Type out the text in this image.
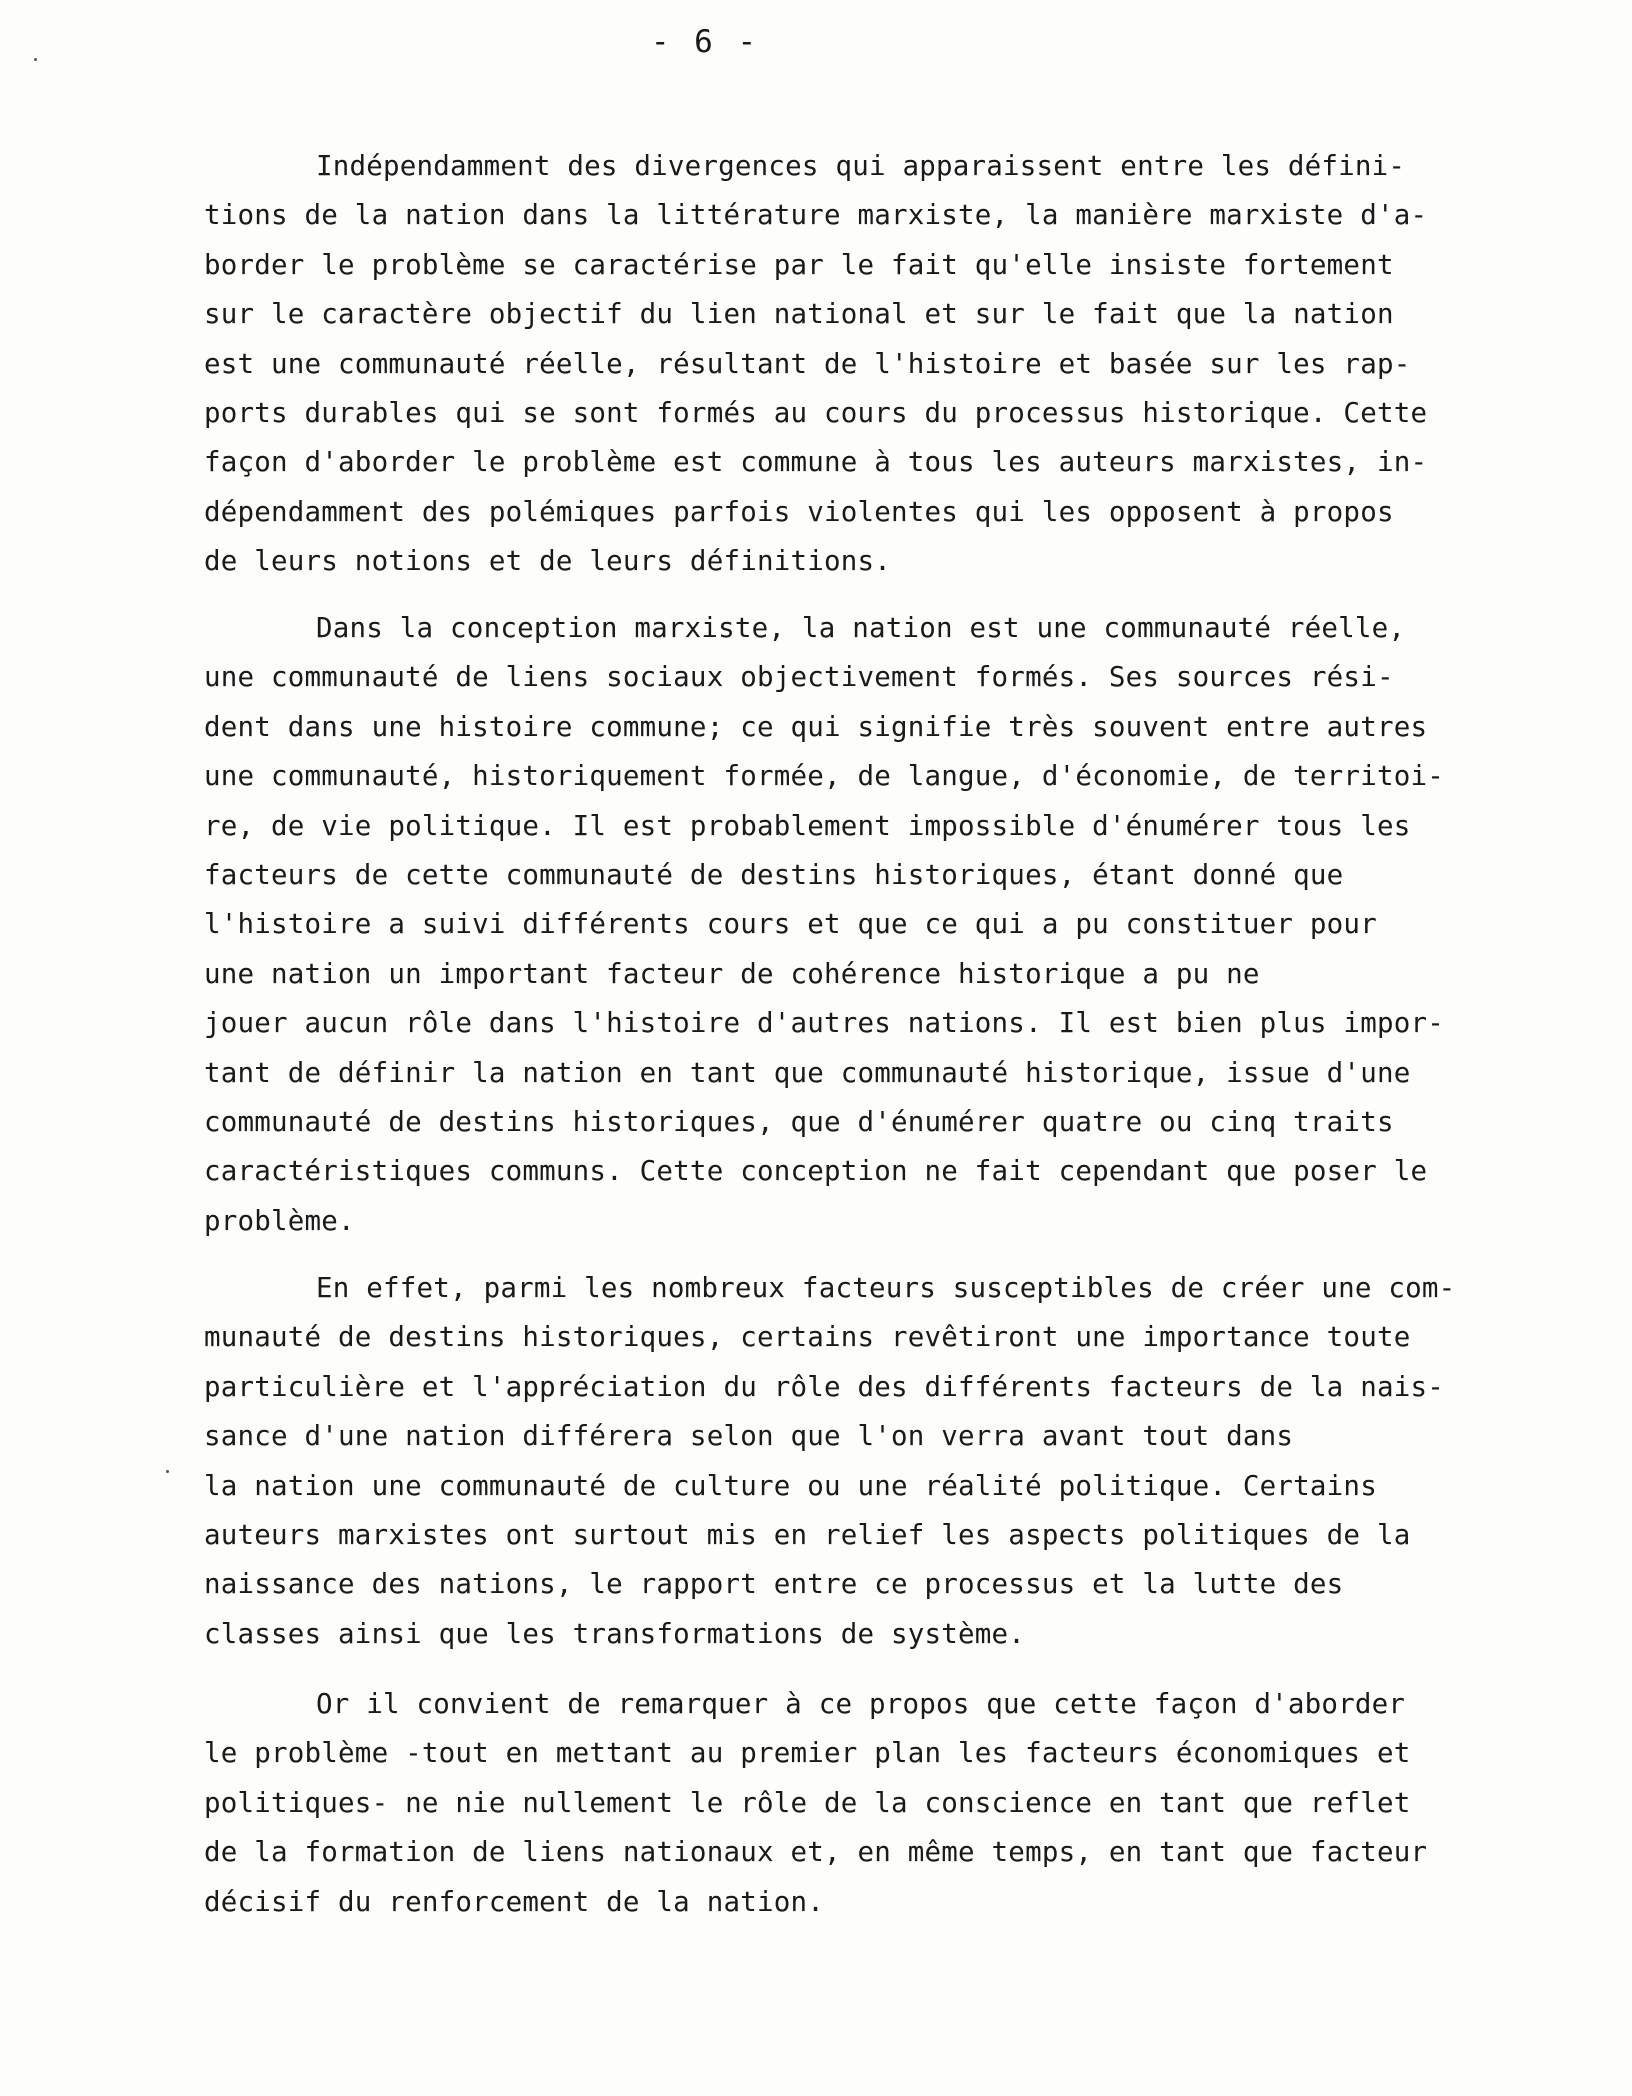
- 6 -
Indépendamment des divergences qui apparaissent entre les défini-
tions de la nation dans la littérature marxiste, la manière marxiste d'a-
border le problème se caractérise par le fait qu'elle insiste fortement
sur le caractère objectif du lien national et sur le fait que la nation
est une communauté réelle, résultant de l'histoire et basée sur les rap-
ports durables qui se sont formés au cours du processus historique. Cette
façon d'aborder le problème est commune à tous les auteurs marxistes, in-
dépendamment des polémiques parfois violentes qui les opposent à propos
de leurs notions et de leurs définitions.
Dans la conception marxiste, la nation est une communauté réelle,
une communauté de liens sociaux objectivement formés. Ses sources rési-
dent dans une histoire commune; ce qui signifie très souvent entre autres
une communauté, historiquement formée, de langue, d'économie, de territoi-
re, de vie politique. Il est probablement impossible d'énumérer tous les
facteurs de cette communauté de destins historiques, étant donné que
l'histoire a suivi différents cours et que ce qui a pu constituer pour
une nation un important facteur de cohérence historique a pu ne
jouer aucun rôle dans l'histoire d'autres nations. Il est bien plus impor-
tant de définir la nation en tant que communauté historique, issue d'une
communauté de destins historiques, que d'énumérer quatre ou cinq traits
caractéristiques communs. Cette conception ne fait cependant que poser le
problème.
En effet, parmi les nombreux facteurs susceptibles de créer une com-
munauté de destins historiques, certains revêtiront une importance toute
particulière et l'appréciation du rôle des différents facteurs de la nais-
sance d'une nation différera selon que l'on verra avant tout dans
la nation une communauté de culture ou une réalité politique. Certains
auteurs marxistes ont surtout mis en relief les aspects politiques de la
naissance des nations, le rapport entre ce processus et la lutte des
classes ainsi que les transformations de système.
Or il convient de remarquer à ce propos que cette façon d'aborder
le problème -tout en mettant au premier plan les facteurs économiques et
politiques- ne nie nullement le rôle de la conscience en tant que reflet
de la formation de liens nationaux et, en même temps, en tant que facteur
décisif du renforcement de la nation.
